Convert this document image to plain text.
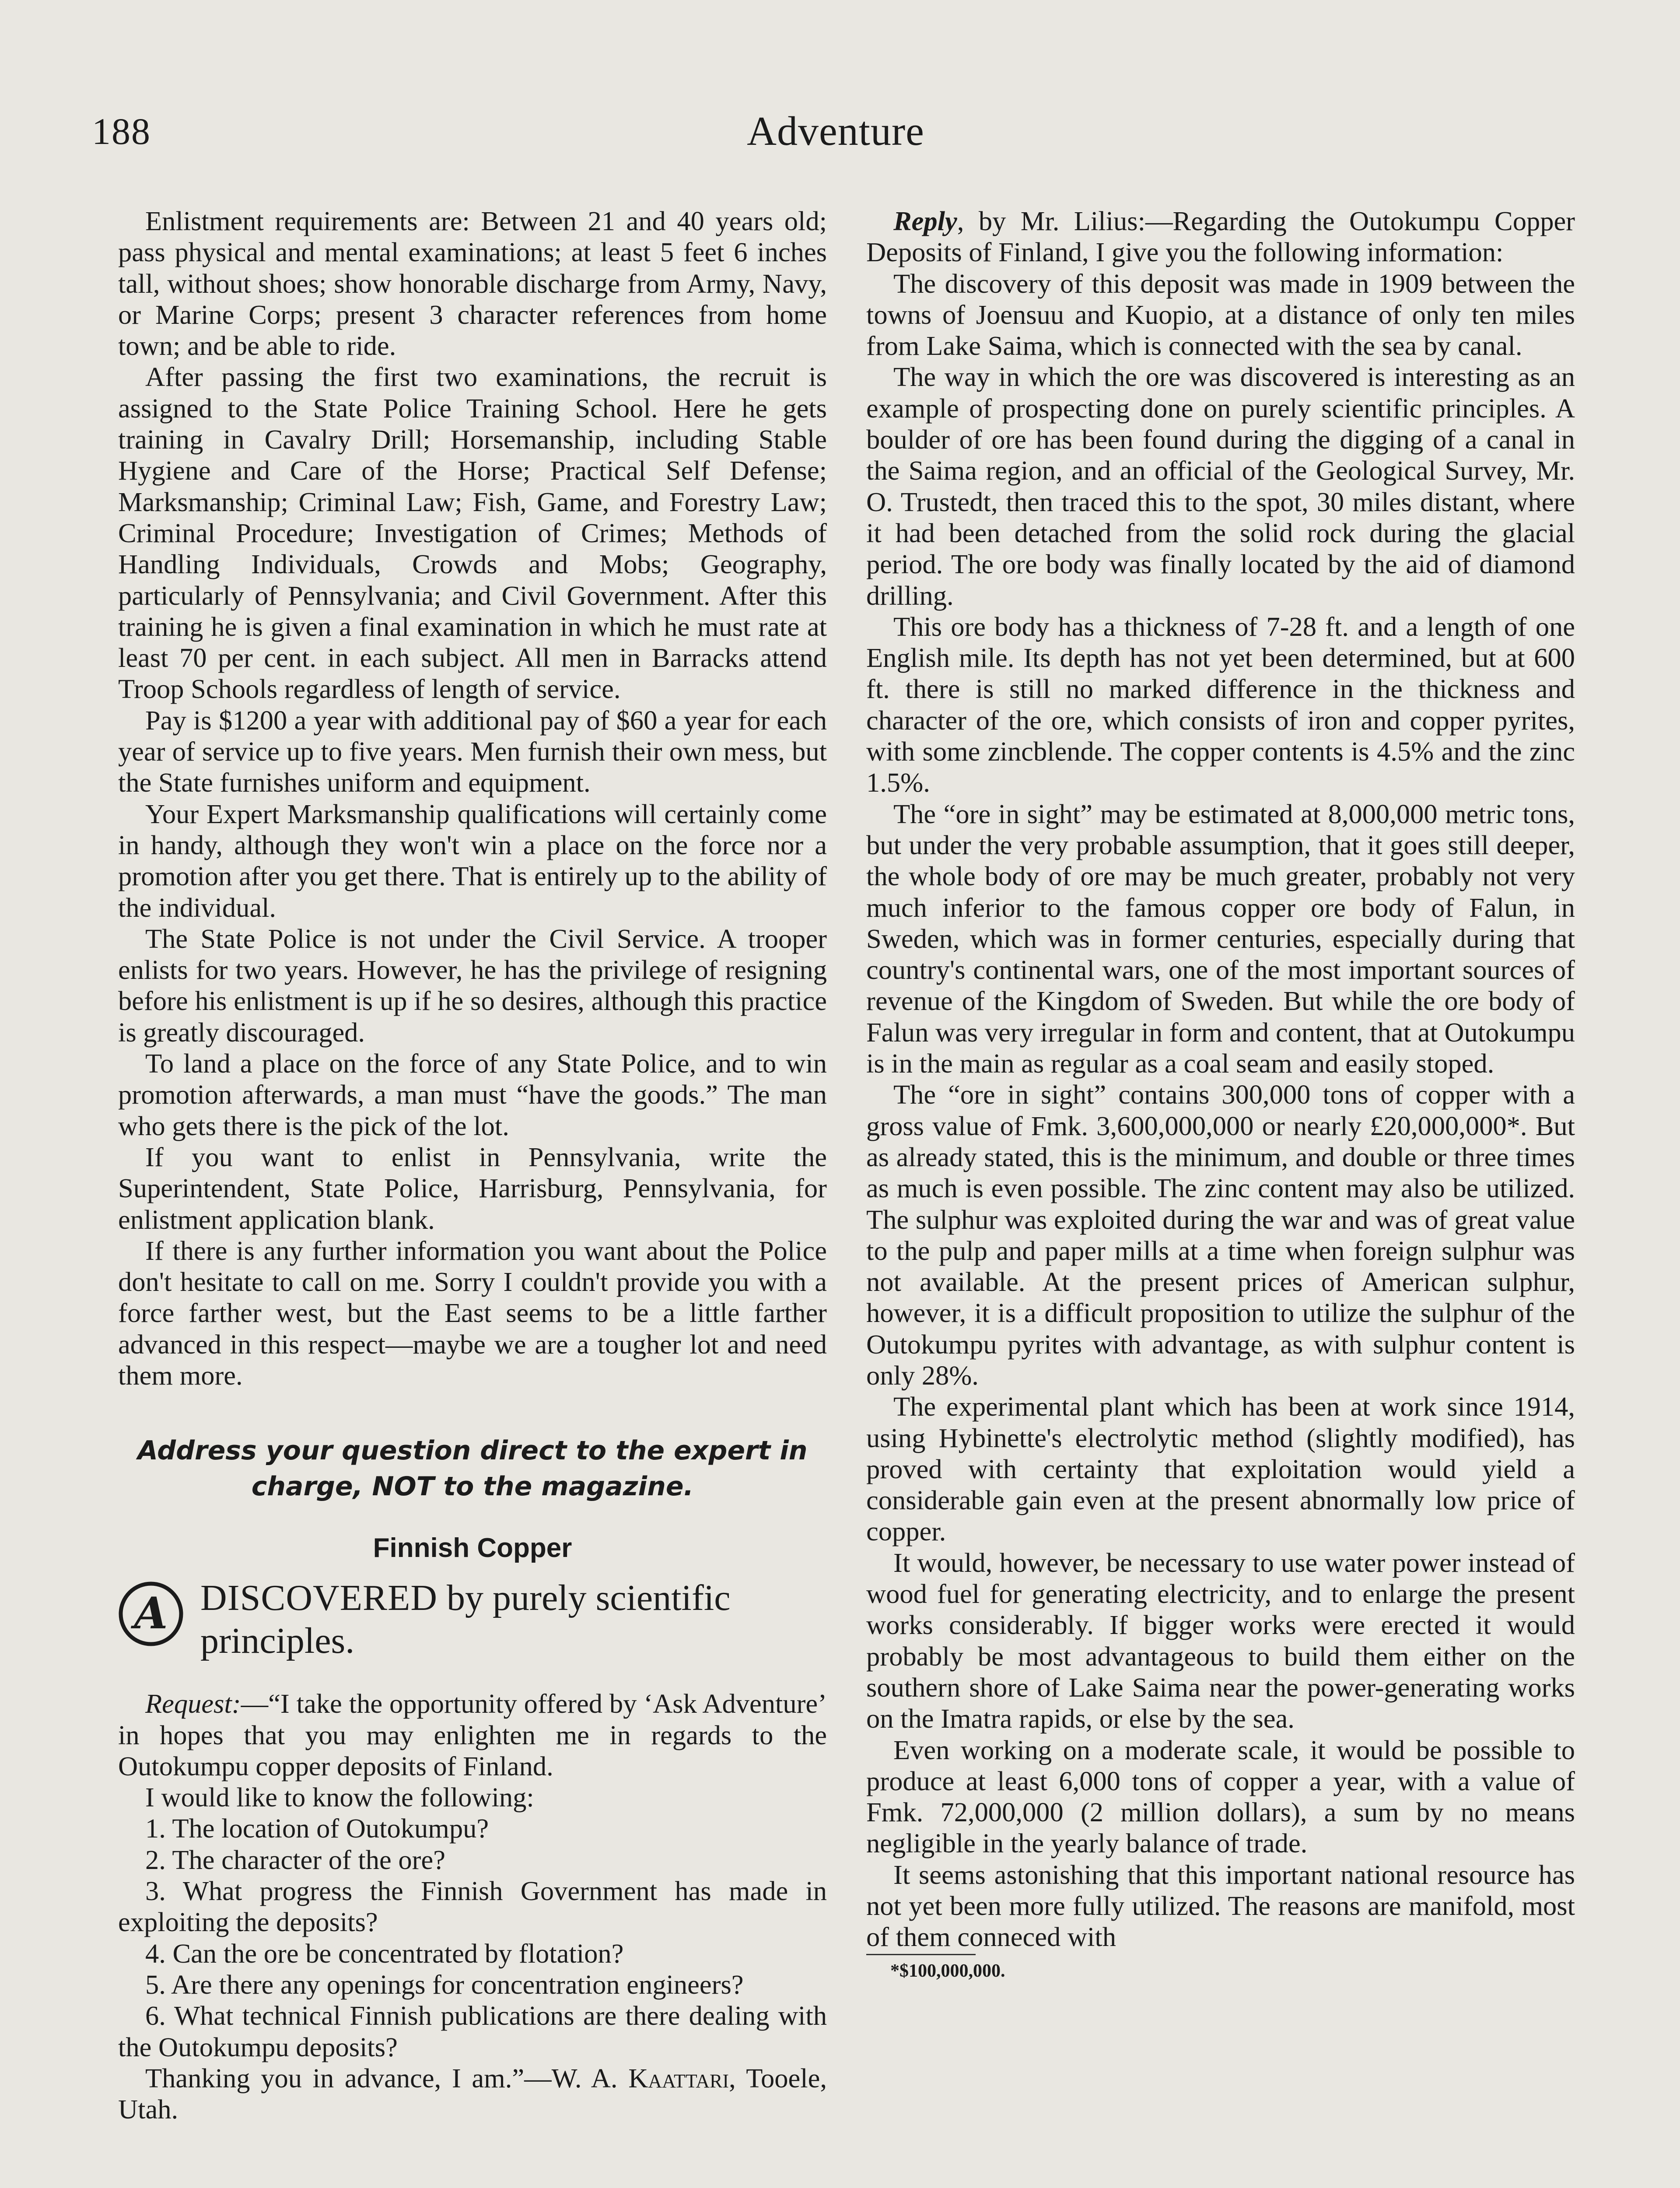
188	Adventure

Enlistment requirements are: Between 21 and 40 years old; pass physical and mental examinations; at least 5 feet 6 inches tall, without shoes; show honorable discharge from Army, Navy, or Marine Corps; present 3 character references from home town; and be able to ride.

After passing the first two examinations, the recruit is assigned to the State Police Training School. Here he gets training in Cavalry Drill; Horsemanship, including Stable Hygiene and Care of the Horse; Practical Self Defense; Marksmanship; Criminal Law; Fish, Game, and Forestry Law; Criminal Procedure; Investigation of Crimes; Methods of Handling Individuals, Crowds and Mobs; Geography, particularly of Pennsylvania; and Civil Government. After this training he is given a final examination in which he must rate at least 70 per cent. in each subject. All men in Barracks attend Troop Schools regardless of length of service.

Pay is $1200 a year with additional pay of $60 a year for each year of service up to five years. Men furnish their own mess, but the State furnishes uniform and equipment.

Your Expert Marksmanship qualifications will certainly come in handy, although they won't win a place on the force nor a promotion after you get there. That is entirely up to the ability of the individual.

The State Police is not under the Civil Service. A trooper enlists for two years. However, he has the privilege of resigning before his enlistment is up if he so desires, although this practice is greatly discouraged.

To land a place on the force of any State Police, and to win promotion afterwards, a man must “have the goods.” The man who gets there is the pick of the lot.

If you want to enlist in Pennsylvania, write the Superintendent, State Police, Harrisburg, Pennsylvania, for enlistment application blank.

If there is any further information you want about the Police don't hesitate to call on me. Sorry I couldn't provide you with a force farther west, but the East seems to be a little farther advanced in this respect—maybe we are a tougher lot and need them more.

Address your question direct to the expert in charge, NOT to the magazine.
Finnish Copper
A DISCOVERED by purely scientific principles.

Request:—“I take the opportunity offered by ‘Ask Adventure’ in hopes that you may enlighten me in regards to the Outokumpu copper deposits of Finland.

I would like to know the following:

1. The location of Outokumpu?

2. The character of the ore?

3. What progress the Finnish Government has made in exploiting the deposits?

4. Can the ore be concentrated by flotation?

5. Are there any openings for concentration engineers?

6. What technical Finnish publications are there dealing with the Outokumpu deposits?

Thanking you in advance, I am.”—W. A. Kaattari, Tooele, Utah.

Reply, by Mr. Lilius:—Regarding the Outokumpu Copper Deposits of Finland, I give you the following information:

The discovery of this deposit was made in 1909 between the towns of Joensuu and Kuopio, at a distance of only ten miles from Lake Saima, which is connected with the sea by canal.

The way in which the ore was discovered is interesting as an example of prospecting done on purely scientific principles. A boulder of ore has been found during the digging of a canal in the Saima region, and an official of the Geological Survey, Mr. O. Trustedt, then traced this to the spot, 30 miles distant, where it had been detached from the solid rock during the glacial period. The ore body was finally located by the aid of diamond drilling.

This ore body has a thickness of 7-28 ft. and a length of one English mile. Its depth has not yet been determined, but at 600 ft. there is still no marked difference in the thickness and character of the ore, which consists of iron and copper pyrites, with some zincblende. The copper contents is 4.5% and the zinc 1.5%.

The “ore in sight” may be estimated at 8,000,000 metric tons, but under the very probable assumption, that it goes still deeper, the whole body of ore may be much greater, probably not very much inferior to the famous copper ore body of Falun, in Sweden, which was in former centuries, especially during that country's continental wars, one of the most important sources of revenue of the Kingdom of Sweden. But while the ore body of Falun was very irregular in form and content, that at Outokumpu is in the main as regular as a coal seam and easily stoped.

The “ore in sight” contains 300,000 tons of copper with a gross value of Fmk. 3,600,000,000 or nearly £20,000,000*. But as already stated, this is the minimum, and double or three times as much is even possible. The zinc content may also be utilized. The sulphur was exploited during the war and was of great value to the pulp and paper mills at a time when foreign sulphur was not available. At the present prices of American sulphur, however, it is a difficult proposition to utilize the sulphur of the Outokumpu pyrites with advantage, as with sulphur content is only 28%.

The experimental plant which has been at work since 1914, using Hybinette's electrolytic method (slightly modified), has proved with certainty that exploitation would yield a considerable gain even at the present abnormally low price of copper.

It would, however, be necessary to use water power instead of wood fuel for generating electricity, and to enlarge the present works considerably. If bigger works were erected it would probably be most advantageous to build them either on the southern shore of Lake Saima near the power-generating works on the Imatra rapids, or else by the sea.

Even working on a moderate scale, it would be possible to produce at least 6,000 tons of copper a year, with a value of Fmk. 72,000,000 (2 million dollars), a sum by no means negligible in the yearly balance of trade.

It seems astonishing that this important national resource has not yet been more fully utilized. The reasons are manifold, most of them conneced with

*$100,000,000.
